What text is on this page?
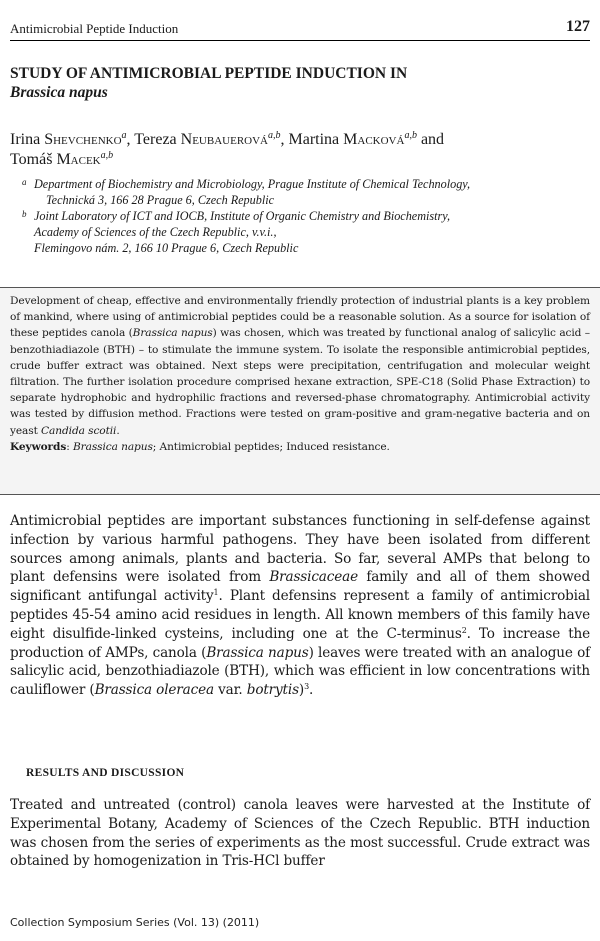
Antimicrobial Peptide Induction	127
STUDY OF ANTIMICROBIAL PEPTIDE INDUCTION IN
Brassica napus
Irina Shevchenko$^a$, Tereza Neubauerová$^{a,b}$, Martina Macková$^{a,b}$ and
Tomáš Macek$^{a,b}$
a Department of Biochemistry and Microbiology, Prague Institute of Chemical Technology,
Technická 3, 166 28 Prague 6, Czech Republic
b Joint Laboratory of ICT and IOCB, Institute of Organic Chemistry and Biochemistry,
Academy of Sciences of the Czech Republic, v.v.i.,
Flemingovo nám. 2, 166 10 Prague 6, Czech Republic
Development of cheap, effective and environmentally friendly protection of industrial plants is a key problem of mankind, where using of antimicrobial peptides could be a reasonable solution. As a source for isolation of these peptides canola (Brassica napus) was chosen, which was treated by functional analog of salicylic acid – benzothiadiazole (BTH) – to stimulate the immune system. To isolate the responsible antimicrobial peptides, crude buffer extract was obtained. Next steps were precipitation, centrifugation and molecular weight filtration. The further isolation procedure comprised hexane extraction, SPE-C18 (Solid Phase Extraction) to separate hydrophobic and hydrophilic fractions and reversed-phase chromatography. Antimicrobial activity was tested by diffusion method. Fractions were tested on gram-positive and gram-negative bacteria and on yeast Candida scotii.
Keywords: Brassica napus; Antimicrobial peptides; Induced resistance.
Antimicrobial peptides are important substances functioning in self-defense against infection by various harmful pathogens. They have been isolated from different sources among animals, plants and bacteria. So far, several AMPs that belong to plant defensins were isolated from Brassicaceae family and all of them showed significant antifungal activity$^1$. Plant defensins represent a family of antimicrobial peptides 45-54 amino acid residues in length. All known members of this family have eight disulfide-linked cysteins, including one at the C-terminus$^2$. To increase the production of AMPs, canola (Brassica napus) leaves were treated with an analogue of salicylic acid, benzothiadiazole (BTH), which was efficient in low concentrations with cauliflower (Brassica oleracea var. botrytis)$^3$.
RESULTS AND DISCUSSION
Treated and untreated (control) canola leaves were harvested at the Institute of Experimental Botany, Academy of Sciences of the Czech Republic. BTH induction was chosen from the series of experiments as the most successful. Crude extract was obtained by homogenization in Tris-HCl buffer
Collection Symposium Series (Vol. 13) (2011)
